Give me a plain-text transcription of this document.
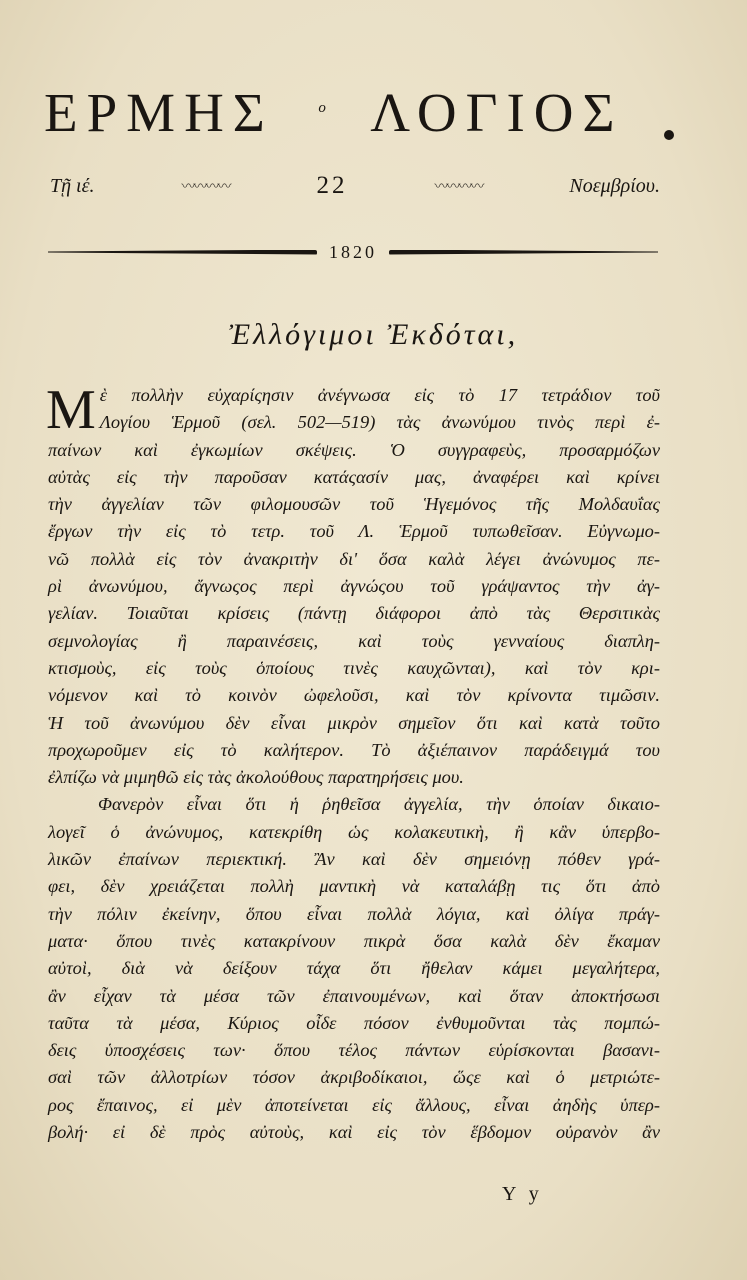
ΕΡΜΗΣ	ο ΛΟΓΙΟΣ
Τῇ ιέ.	〰〰〰〰	22	〰〰〰〰	Νοεμβρίου.
1820
Ἐλλόγιμοι Ἐκδόται,
M ὲ πολλὴν εὐχαρίςησιν ἀνέγνωσα εἰς τὸ 17 τετράδιον τοῦ
Λογίου Ἑρμοῦ (σελ. 502—519) τὰς ἀνωνύμου τινὸς περὶ ἐ-
παίνων καὶ ἐγκωμίων σκέψεις. Ὁ συγγραφεὺς, προσαρμόζων
αὐτὰς εἰς τὴν παροῦσαν κατάςασίν μας, ἀναφέρει καὶ κρίνει
τὴν ἀγγελίαν τῶν φιλομουσῶν τοῦ Ἡγεμόνος τῆς Μολδαυΐας
ἔργων τὴν εἰς τὸ τετρ. τοῦ Λ. Ἑρμοῦ τυπωθεῖσαν. Εὐγνωμο-
νῶ πολλὰ εἰς τὸν ἀνακριτὴν δι' ὅσα καλὰ λέγει ἀνώνυμος πε-
ρὶ ἀνωνύμου, ἄγνωςος περὶ ἀγνώςου τοῦ γράψαντος τὴν ἀγ-
γελίαν. Τοιαῦται κρίσεις (πάντῃ διάφοροι ἀπὸ τὰς Θερσιτικὰς
σεμνολογίας ἢ παραινέσεις, καὶ τοὺς γενναίους διαπλη-
κτισμοὺς, εἰς τοὺς ὁποίους τινὲς καυχῶνται), καὶ τὸν κρι-
νόμενον καὶ τὸ κοινὸν ὠφελοῦσι, καὶ τὸν κρίνοντα τιμῶσιν.
Ἡ τοῦ ἀνωνύμου δὲν εἶναι μικρὸν σημεῖον ὅτι καὶ κατὰ τοῦτο
προχωροῦμεν εἰς τὸ καλήτερον. Τὸ ἀξιέπαινον παράδειγμά του
ἐλπίζω νὰ μιμηθῶ εἰς τὰς ἀκολούθους παρατηρήσεις μου.
Φανερὸν εἶναι ὅτι ἡ ῥηθεῖσα ἀγγελία, τὴν ὁποίαν δικαιο-
λογεῖ ὁ ἀνώνυμος, κατεκρίθη ὡς κολακευτικὴ, ἢ κἂν ὑπερβο-
λικῶν ἐπαίνων περιεκτική. Ἂν καὶ δὲν σημειόνῃ πόθεν γρά-
φει, δὲν χρειάζεται πολλὴ μαντικὴ νὰ καταλάβῃ τις ὅτι ἀπὸ
τὴν πόλιν ἐκείνην, ὅπου εἶναι πολλὰ λόγια, καὶ ὀλίγα πράγ-
ματα· ὅπου τινὲς κατακρίνουν πικρὰ ὅσα καλὰ δὲν ἔκαμαν
αὐτοὶ, διὰ νὰ δείξουν τάχα ὅτι ἤθελαν κάμει μεγαλήτερα,
ἂν εἶχαν τὰ μέσα τῶν ἐπαινουμένων, καὶ ὅταν ἀποκτήσωσι
ταῦτα τὰ μέσα, Κύριος οἶδε πόσον ἐνθυμοῦνται τὰς πομπώ-
δεις ὑποσχέσεις των· ὅπου τέλος πάντων εὑρίσκονται βασανι-
σαὶ τῶν ἀλλοτρίων τόσον ἀκριβοδίκαιοι, ὥςε καὶ ὁ μετριώτε-
ρος ἔπαινος, εἰ μὲν ἀποτείνεται εἰς ἄλλους, εἶναι ἀηδὴς ὑπερ-
βολή· εἰ δὲ πρὸς αὐτοὺς, καὶ εἰς τὸν ἕβδομον οὐρανὸν ἂν
Y y
